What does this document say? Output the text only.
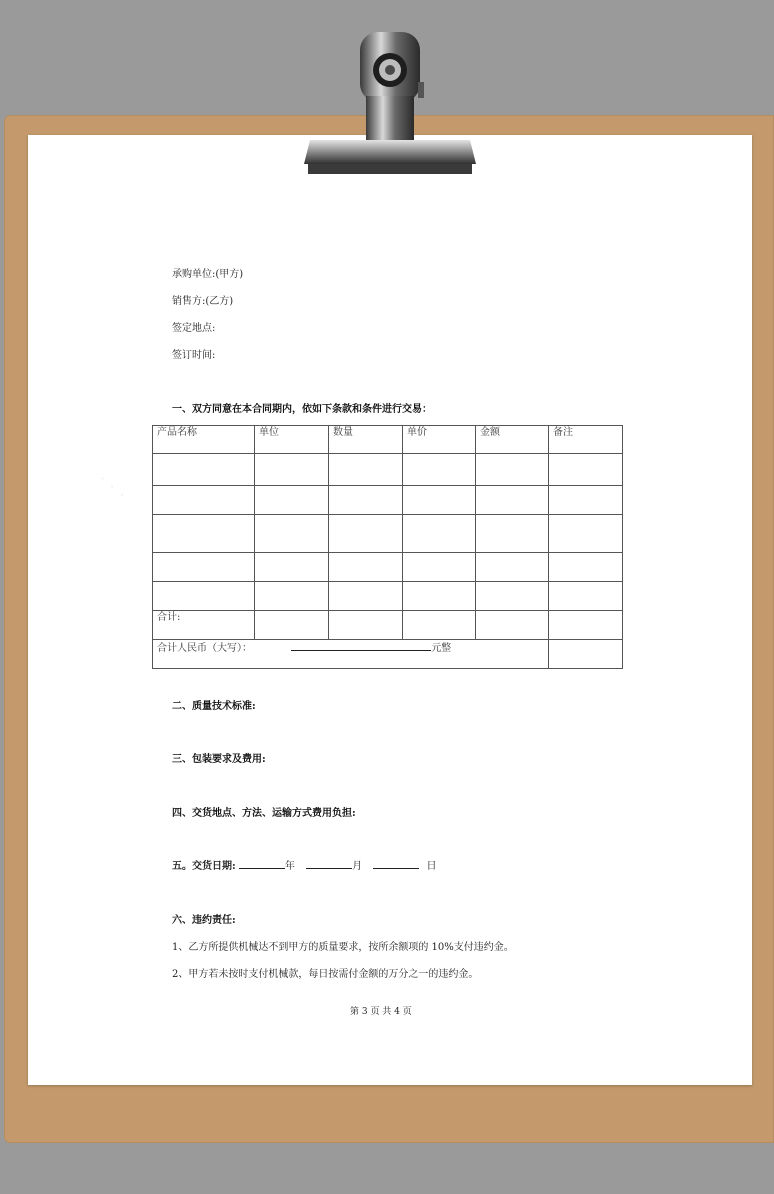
承购单位:(甲方)
销售方:(乙方)
签定地点:
签订时间:
一、双方同意在本合同期内，依如下条款和条件进行交易：
产品名称	单位	数量	单价	金额	备注

合计:					
合计人民币（大写）： 元整					
二、质量技术标准:
三、包装要求及费用:
四、交货地点、方法、运输方式费用负担:
五。交货日期:	年	月	日
六、违约责任:
1、乙方所提供机械达不到甲方的质量要求，按所余额项的 10%支付违约金。
2、甲方若未按时支付机械款，每日按需付金额的万分之一的违约金。
第 3 页 共 4 页
